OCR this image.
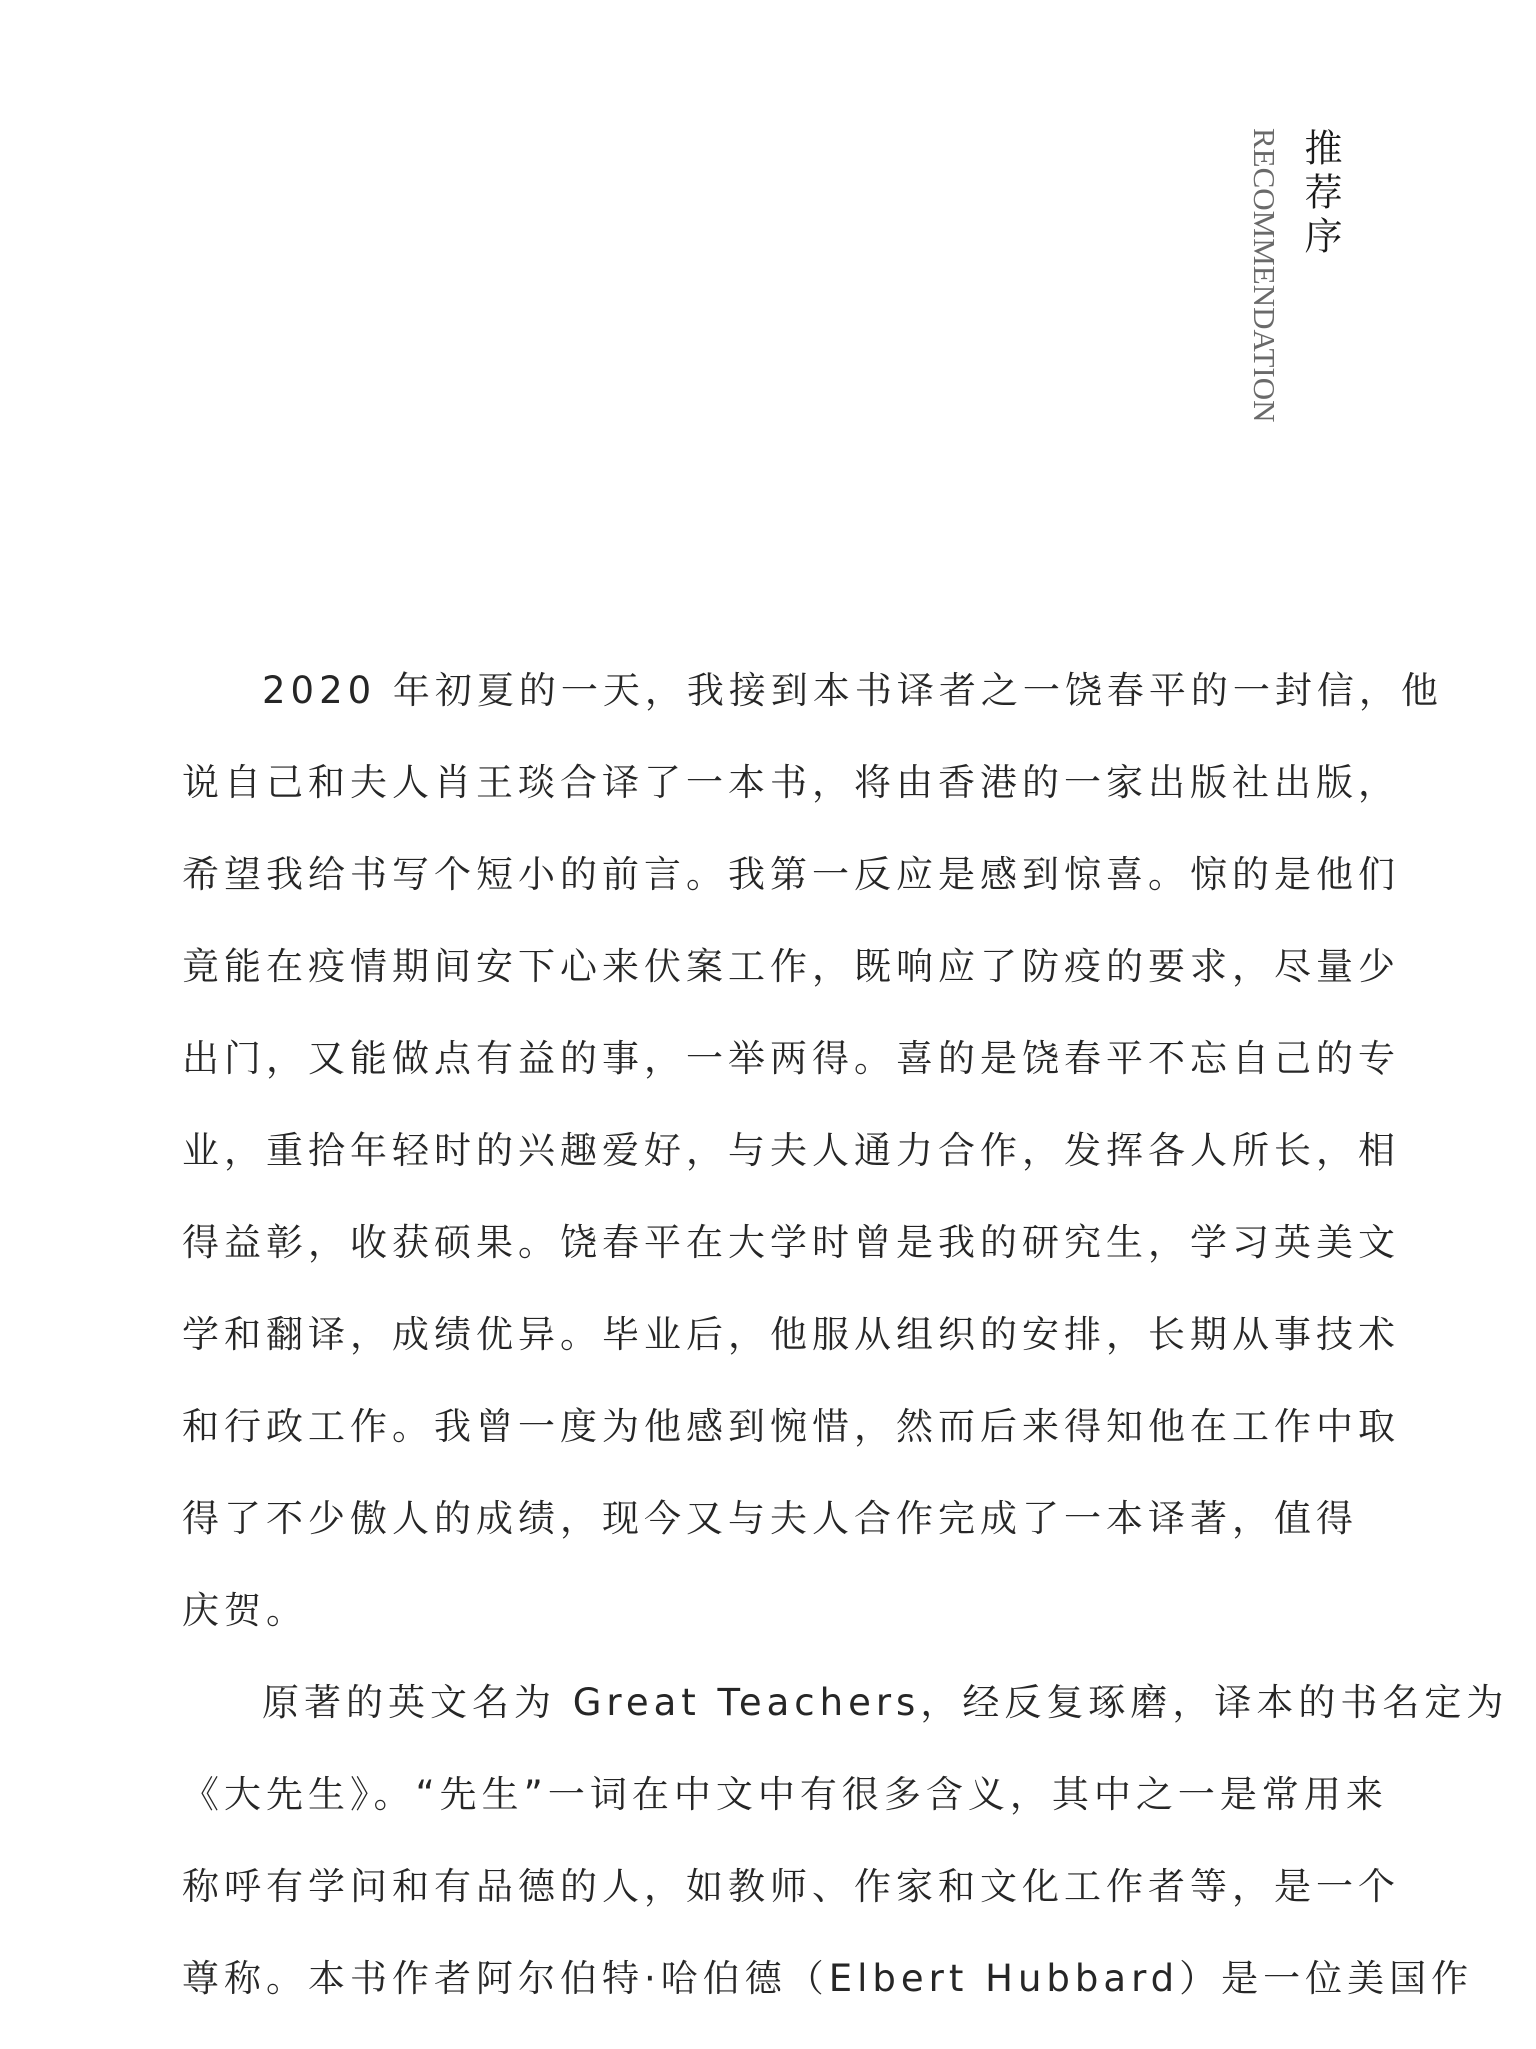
推荐序
RECOMMENDATION
2020 年初夏的一天，我接到本书译者之一饶春平的一封信，他
说自己和夫人肖王琰合译了一本书，将由香港的一家出版社出版，
希望我给书写个短小的前言。我第一反应是感到惊喜。惊的是他们
竟能在疫情期间安下心来伏案工作，既响应了防疫的要求，尽量少
出门，又能做点有益的事，一举两得。喜的是饶春平不忘自己的专
业，重拾年轻时的兴趣爱好，与夫人通力合作，发挥各人所长，相
得益彰，收获硕果。饶春平在大学时曾是我的研究生，学习英美文
学和翻译，成绩优异。毕业后，他服从组织的安排，长期从事技术
和行政工作。我曾一度为他感到惋惜，然而后来得知他在工作中取
得了不少傲人的成绩，现今又与夫人合作完成了一本译著，值得
庆贺。
原著的英文名为 Great Teachers，经反复琢磨，译本的书名定为
《大先生》。“先生”一词在中文中有很多含义，其中之一是常用来
称呼有学问和有品德的人，如教师、作家和文化工作者等，是一个
尊称。本书作者阿尔伯特·哈伯德（Elbert Hubbard）是一位美国作
